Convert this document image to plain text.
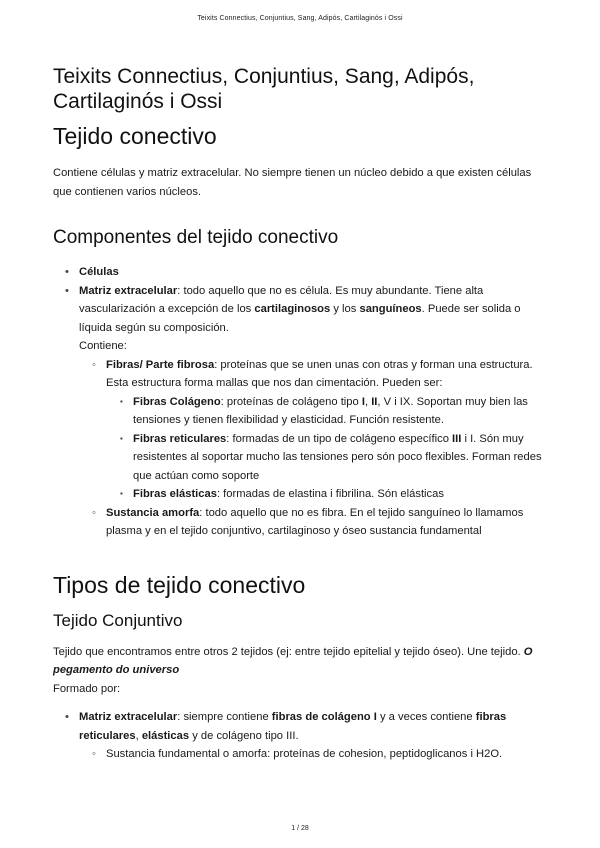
Teixits Connectius, Conjuntius, Sang, Adipós, Cartilaginós i Ossi
Teixits Connectius, Conjuntius, Sang, Adipós, Cartilaginós i Ossi
Tejido conectivo

Contiene células y matriz extracelular. No siempre tienen un núcleo debido a que existen células que contienen varios núcleos.

Componentes del tejido conectivo
• Células
• Matriz extracelular: todo aquello que no es célula. Es muy abundante. Tiene alta vascularización a excepción de los cartilaginosos y los sanguíneos. Puede ser solida o líquida según su composición.
Contiene:
◦ Fibras/ Parte fibrosa: proteínas que se unen unas con otras y forman una estructura. Esta estructura forma mallas que nos dan cimentación. Pueden ser:
▪ Fibras Colágeno: proteínas de colágeno tipo I, II, V i IX. Soportan muy bien las tensiones y tienen flexibilidad y elasticidad. Función resistente.
▪ Fibras reticulares: formadas de un tipo de colágeno específico III i I. Són muy resistentes al soportar mucho las tensiones pero són poco flexibles. Forman redes que actúan como soporte
▪ Fibras elásticas: formadas de elastina i fibrilina. Són elásticas
◦ Sustancia amorfa: todo aquello que no es fibra. En el tejido sanguíneo lo llamamos plasma y en el tejido conjuntivo, cartilaginoso y óseo sustancia fundamental
Tipos de tejido conectivo
Tejido Conjuntivo

Tejido que encontramos entre otros 2 tejidos (ej: entre tejido epitelial y tejido óseo). Une tejido. O pegamento do universo
Formado por:

• Matriz extracelular: siempre contiene fibras de colágeno I y a veces contiene fibras reticulares, elásticas y de colágeno tipo III.
◦ Sustancia fundamental o amorfa: proteínas de cohesion, peptidoglicanos i H2O.
1 / 28
